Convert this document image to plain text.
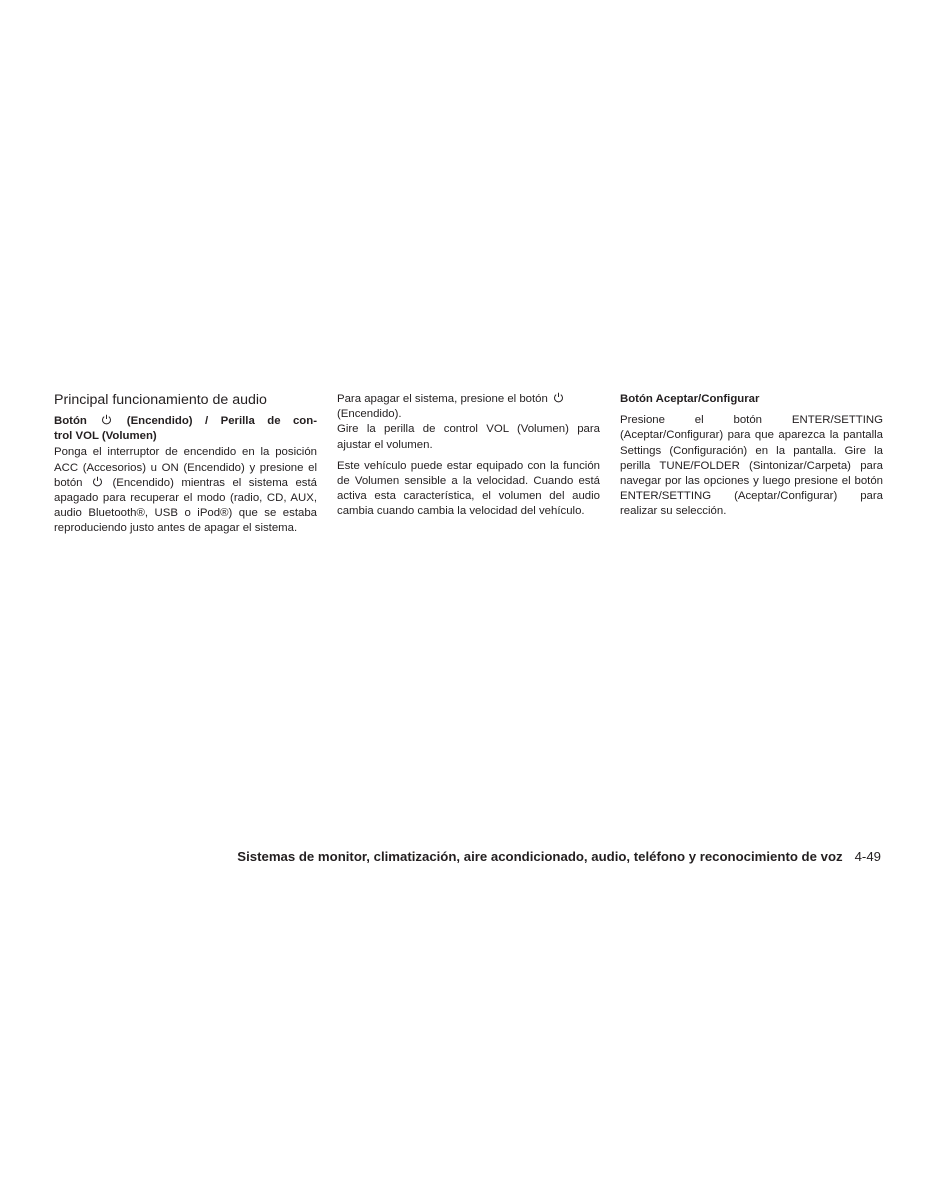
Principal funcionamiento de audio
Botón	(Encendido) / Perilla de con-
trol VOL (Volumen)

Ponga el interruptor de encendido en la posición ACC (Accesorios) u ON (Encendido) y presione el botón	(Encendido) mientras el sistema está apagado para recuperar el modo (radio, CD, AUX, audio Bluetooth®, USB o iPod®) que se estaba reproduciendo justo antes de apagar el sistema.

Para apagar el sistema, presione el botón

(Encendido).

Gire la perilla de control VOL (Volumen) para ajustar el volumen.

Este vehículo puede estar equipado con la función de Volumen sensible a la velocidad. Cuando está activa esta característica, el volumen del audio cambia cuando cambia la velocidad del vehículo.

Botón Aceptar/Configurar

Presione el botón ENTER/SETTING (Aceptar/Configurar) para que aparezca la pantalla Settings (Configuración) en la pantalla. Gire la perilla TUNE/FOLDER (Sintonizar/Carpeta) para navegar por las opciones y luego presione el botón ENTER/SETTING (Aceptar/Configurar) para realizar su selección.

Sistemas de monitor, climatización, aire acondicionado, audio, teléfono y reconocimiento de voz 4-49
